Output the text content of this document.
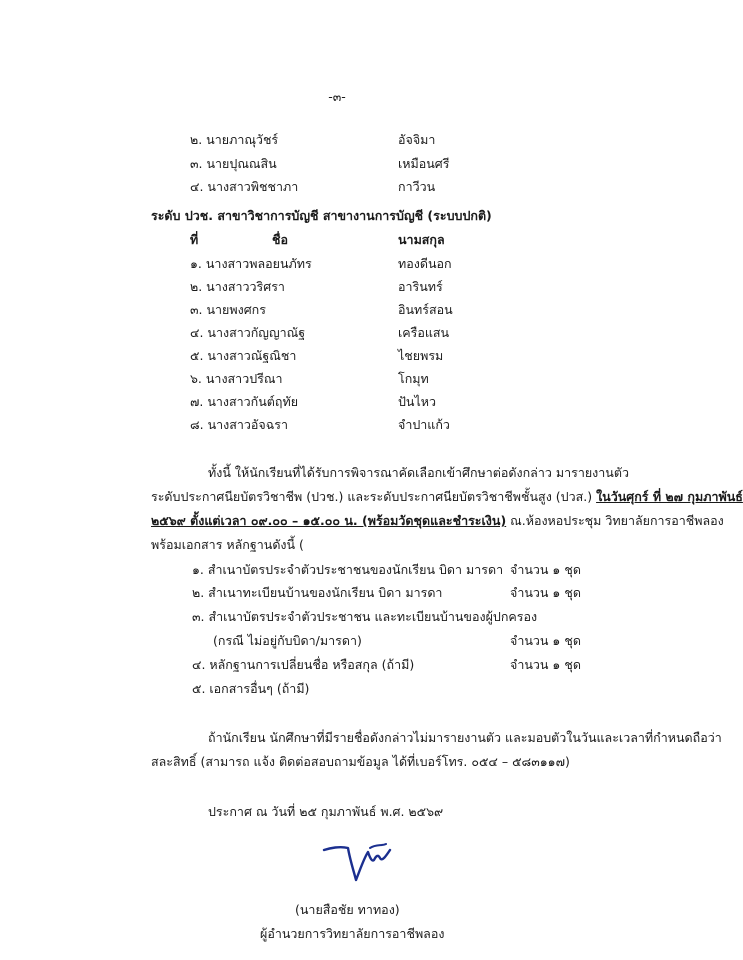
-๓-
๒. นายภาณุวัชร์	อัจจิมา
๓. นายปุณณสิน	เหมือนศรี
๔. นางสาวพิชชาภา	กาวีวน
ระดับ ปวช. สาขาวิชาการบัญชี สาขางานการบัญชี (ระบบปกติ)
ที่	ชื่อ	นามสกุล
๑. นางสาวพลอยนภัทร	ทองดีนอก
๒. นางสาววริศรา	อารินทร์
๓. นายพงศกร	อินทร์สอน
๔. นางสาวกัญญาณัฐ	เครือแสน
๕. นางสาวณัฐณิชา	ไชยพรม
๖. นางสาวปรีณา	โกมุท
๗. นางสาวกันต์ฤทัย	ปันไหว
๘. นางสาวอัจฉรา	จำปาแก้ว
ทั้งนี้ ให้นักเรียนที่ได้รับการพิจารณาคัดเลือกเข้าศึกษาต่อดังกล่าว มารายงานตัว
ระดับประกาศนียบัตรวิชาชีพ (ปวช.) และระดับประกาศนียบัตรวิชาชีพชั้นสูง (ปวส.) ในวันศุกร์ ที่ ๒๗ กุมภาพันธ์
๒๕๖๙ ตั้งแต่เวลา ๐๙.๐๐ – ๑๕.๐๐ น. (พร้อมวัดชุดและชำระเงิน) ณ.ห้องหอประชุม วิทยาลัยการอาชีพลอง
พร้อมเอกสาร หลักฐานดังนี้ (
๑. สำเนาบัตรประจำตัวประชาชนของนักเรียน บิดา มารดา จำนวน ๑ ชุด
๒. สำเนาทะเบียนบ้านของนักเรียน บิดา มารดา	จำนวน ๑ ชุด
๓. สำเนาบัตรประจำตัวประชาชน และทะเบียนบ้านของผู้ปกครอง
(กรณี ไม่อยู่กับบิดา/มารดา)	จำนวน ๑ ชุด
๔. หลักฐานการเปลี่ยนชื่อ หรือสกุล (ถ้ามี)	จำนวน ๑ ชุด
๕. เอกสารอื่นๆ (ถ้ามี)
ถ้านักเรียน นักศึกษาที่มีรายชื่อดังกล่าวไม่มารายงานตัว และมอบตัวในวันและเวลาที่กำหนดถือว่า
สละสิทธิ์ (สามารถ แจ้ง ติดต่อสอบถามข้อมูล ได้ที่เบอร์โทร. ๐๕๔ – ๕๘๓๑๑๗)
ประกาศ ณ วันที่ ๒๕ กุมภาพันธ์ พ.ศ. ๒๕๖๙
(นายสือชัย ทาทอง)
ผู้อำนวยการวิทยาลัยการอาชีพลอง
